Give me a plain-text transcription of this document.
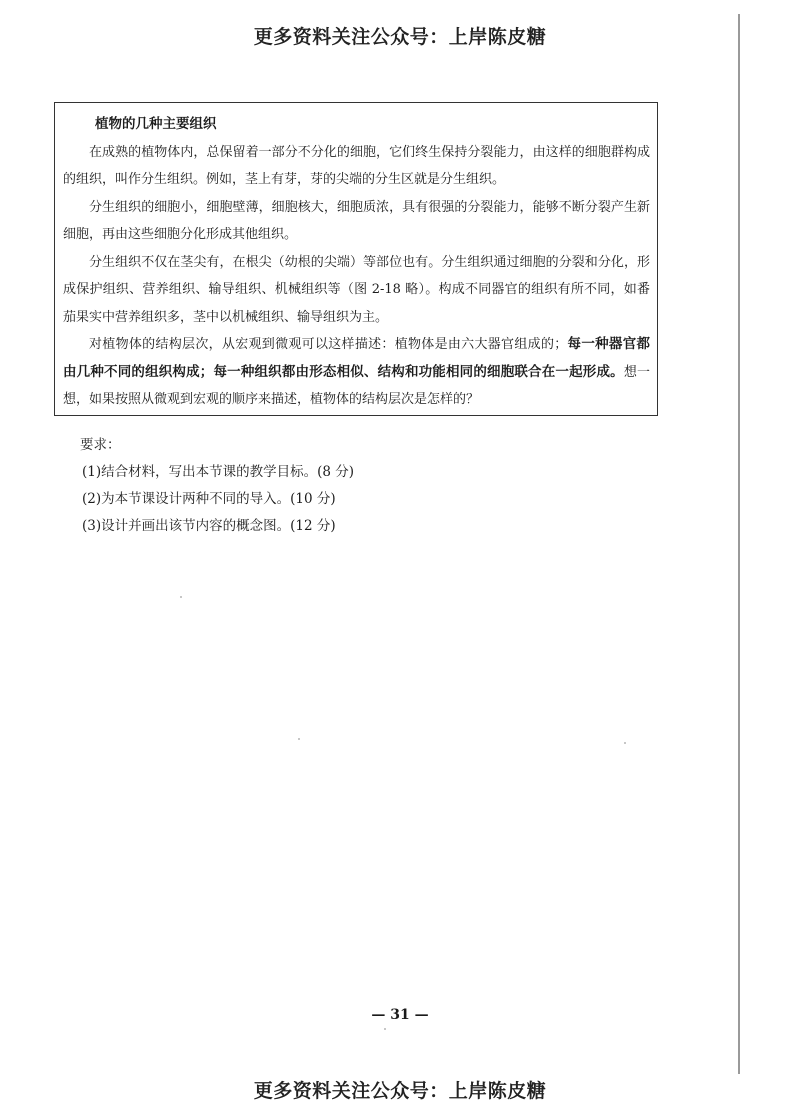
更多资料关注公众号：上岸陈皮糖

植物的几种主要组织

在成熟的植物体内，总保留着一部分不分化的细胞，它们终生保持分裂能力，由这样的细胞群构成的组织，叫作分生组织。例如，茎上有芽，芽的尖端的分生区就是分生组织。

分生组织的细胞小，细胞壁薄，细胞核大，细胞质浓，具有很强的分裂能力，能够不断分裂产生新细胞，再由这些细胞分化形成其他组织。

分生组织不仅在茎尖有，在根尖（幼根的尖端）等部位也有。分生组织通过细胞的分裂和分化，形成保护组织、营养组织、输导组织、机械组织等（图 2-18 略）。构成不同器官的组织有所不同，如番茄果实中营养组织多，茎中以机械组织、输导组织为主。

对植物体的结构层次，从宏观到微观可以这样描述：植物体是由六大器官组成的；每一种器官都由几种不同的组织构成；每一种组织都由形态相似、结构和功能相同的细胞联合在一起形成。想一想，如果按照从微观到宏观的顺序来描述，植物体的结构层次是怎样的？

要求：

(1)结合材料，写出本节课的教学目标。(8 分)

(2)为本节课设计两种不同的导入。(10 分)

(3)设计并画出该节内容的概念图。(12 分)

— 31 —
更多资料关注公众号：上岸陈皮糖
